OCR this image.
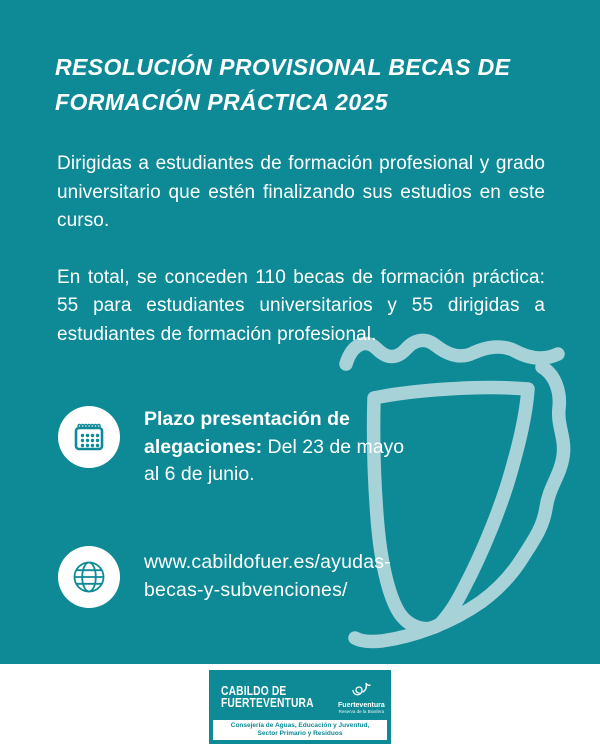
RESOLUCIÓN PROVISIONAL BECAS DE FORMACIÓN PRÁCTICA 2025

Dirigidas a estudiantes de formación profesional y grado universitario que estén finalizando sus estudios en este curso.

En total, se conceden 110 becas de formación práctica: 55 para estudiantes universitarios y 55 dirigidas a estudiantes de formación profesional.

Plazo presentación de alegaciones: Del 23 de mayo al 6 de junio.

www.cabildofuer.es/ayudas-becas-y-subvenciones/

CABILDO DE
FUERTEVENTURA	Fuerteventura
Reserva de la Biosfera
Consejería de Aguas, Educación y Juventud,
Sector Primario y Residuos
